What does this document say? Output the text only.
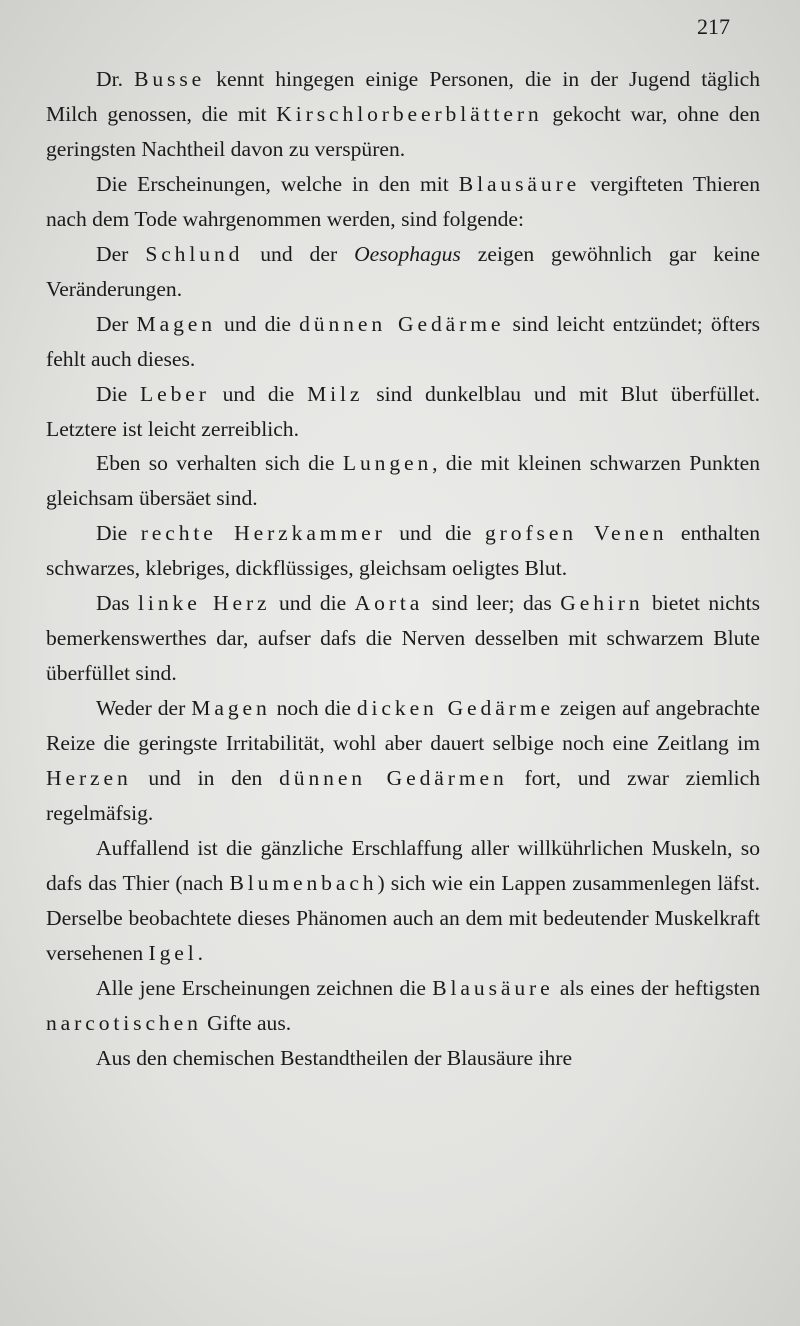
217

Dr. Busse kennt hingegen einige Personen, die in der Jugend täglich Milch genossen, die mit Kirschlorbeerblättern gekocht war, ohne den geringsten Nachtheil davon zu verspüren.

Die Erscheinungen, welche in den mit Blausäure vergifteten Thieren nach dem Tode wahrgenommen werden, sind folgende:

Der Schlund und der Oesophagus zeigen gewöhnlich gar keine Veränderungen.

Der Magen und die dünnen Gedärme sind leicht entzündet; öfters fehlt auch dieses.

Die Leber und die Milz sind dunkelblau und mit Blut überfüllet. Letztere ist leicht zerreiblich.

Eben so verhalten sich die Lungen, die mit kleinen schwarzen Punkten gleichsam übersäet sind.

Die rechte Herzkammer und die grofsen Venen enthalten schwarzes, klebriges, dickflüssiges, gleichsam oeligtes Blut.

Das linke Herz und die Aorta sind leer; das Gehirn bietet nichts bemerkenswerthes dar, aufser dafs die Nerven desselben mit schwarzem Blute überfüllet sind.

Weder der Magen noch die dicken Gedärme zeigen auf angebrachte Reize die geringste Irritabilität, wohl aber dauert selbige noch eine Zeitlang im Herzen und in den dünnen Gedärmen fort, und zwar ziemlich regelmäfsig.

Auffallend ist die gänzliche Erschlaffung aller willkührlichen Muskeln, so dafs das Thier (nach Blumenbach) sich wie ein Lappen zusammenlegen läfst. Derselbe beobachtete dieses Phänomen auch an dem mit bedeutender Muskelkraft versehenen Igel.

Alle jene Erscheinungen zeichnen die Blausäure als eines der heftigsten narcotischen Gifte aus.

Aus den chemischen Bestandtheilen der Blausäure ihre
